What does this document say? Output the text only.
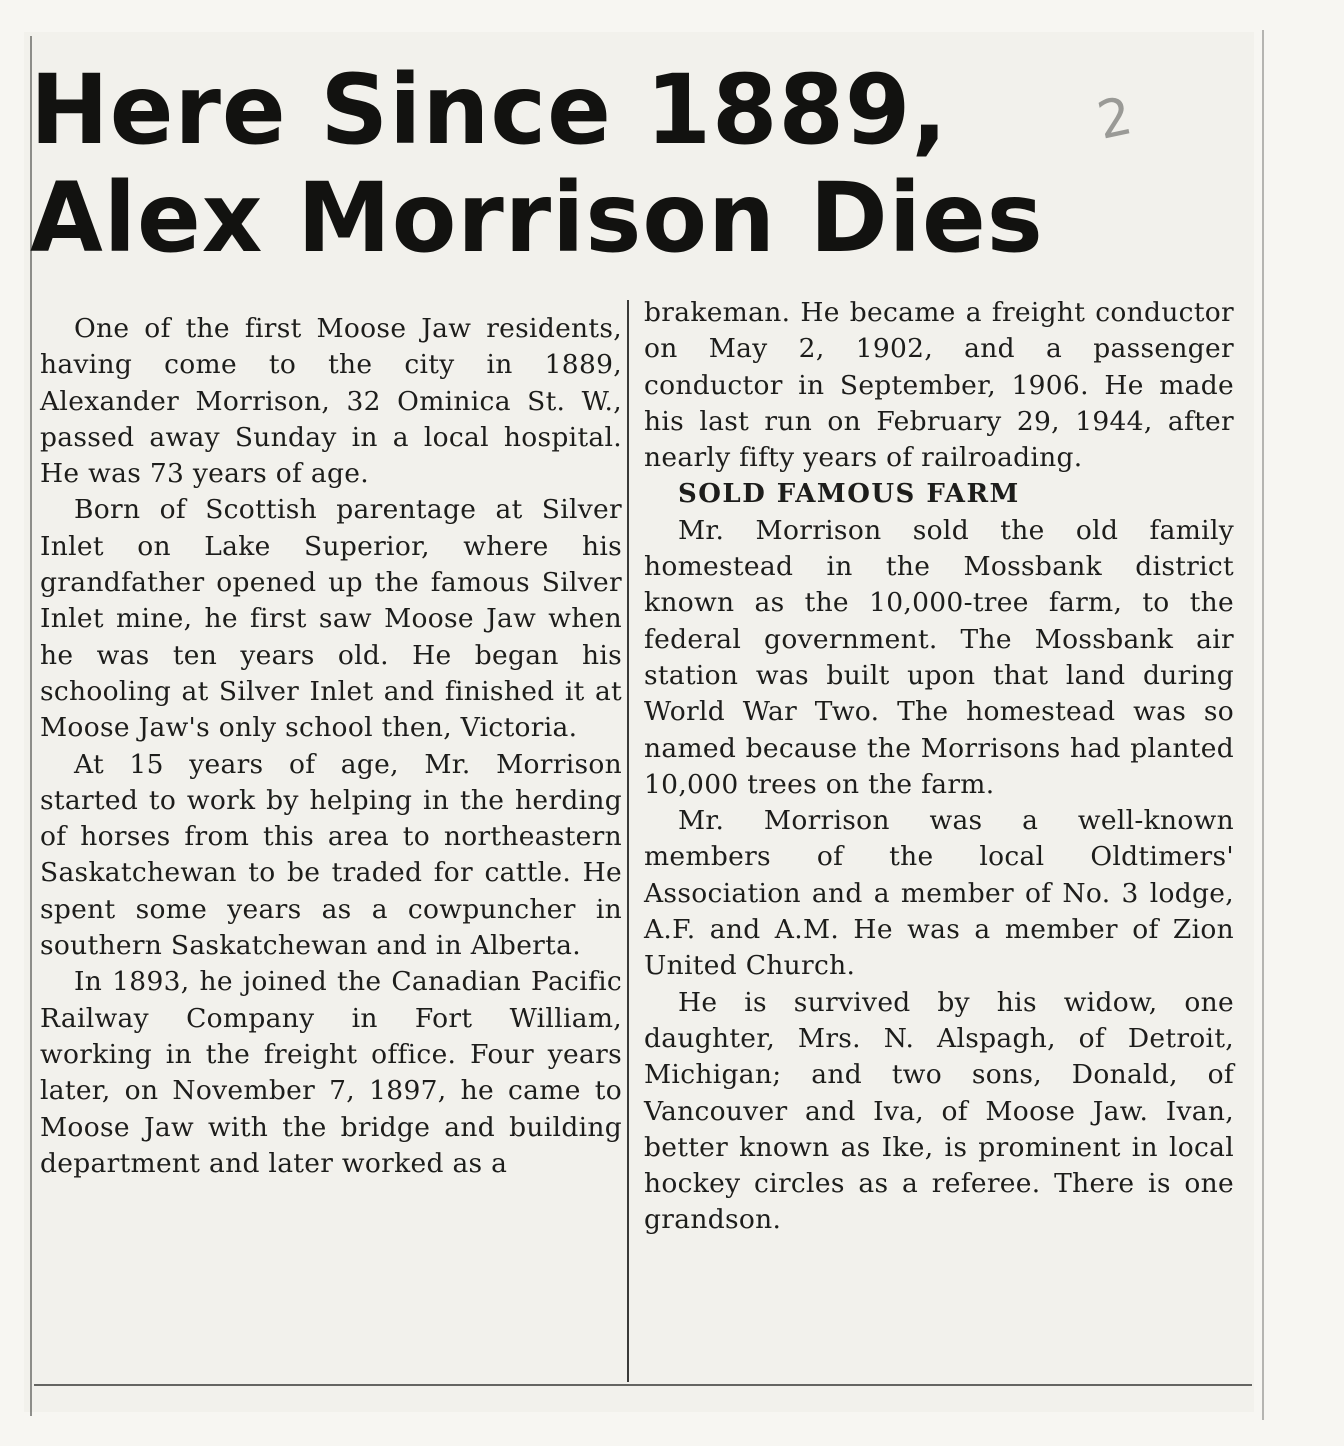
2
Here Since 1889,
Alex Morrison Dies

One of the first Moose Jaw residents, having come to the city in 1889, Alexander Morrison, 32 Ominica St. W., passed away Sunday in a local hospital. He was 73 years of age.

Born of Scottish parentage at Silver Inlet on Lake Superior, where his grandfather opened up the famous Silver Inlet mine, he first saw Moose Jaw when he was ten years old. He began his schooling at Silver Inlet and finished it at Moose Jaw's only school then, Victoria.

At 15 years of age, Mr. Morrison started to work by helping in the herding of horses from this area to northeastern Saskatchewan to be traded for cattle. He spent some years as a cowpuncher in southern Saskatchewan and in Alberta.

In 1893, he joined the Canadian Pacific Railway Company in Fort William, working in the freight office. Four years later, on November 7, 1897, he came to Moose Jaw with the bridge and building department and later worked as a

brakeman. He became a freight conductor on May 2, 1902, and a passenger conductor in September, 1906. He made his last run on February 29, 1944, after nearly fifty years of railroading.

SOLD FAMOUS FARM

Mr. Morrison sold the old family homestead in the Mossbank district known as the 10,000-tree farm, to the federal government. The Mossbank air station was built upon that land during World War Two. The homestead was so named because the Morrisons had planted 10,000 trees on the farm.

Mr. Morrison was a well-known members of the local Oldtimers' Association and a member of No. 3 lodge, A.F. and A.M. He was a member of Zion United Church.

He is survived by his widow, one daughter, Mrs. N. Alspagh, of Detroit, Michigan; and two sons, Donald, of Vancouver and Iva, of Moose Jaw. Ivan, better known as Ike, is prominent in local hockey circles as a referee. There is one grandson.
